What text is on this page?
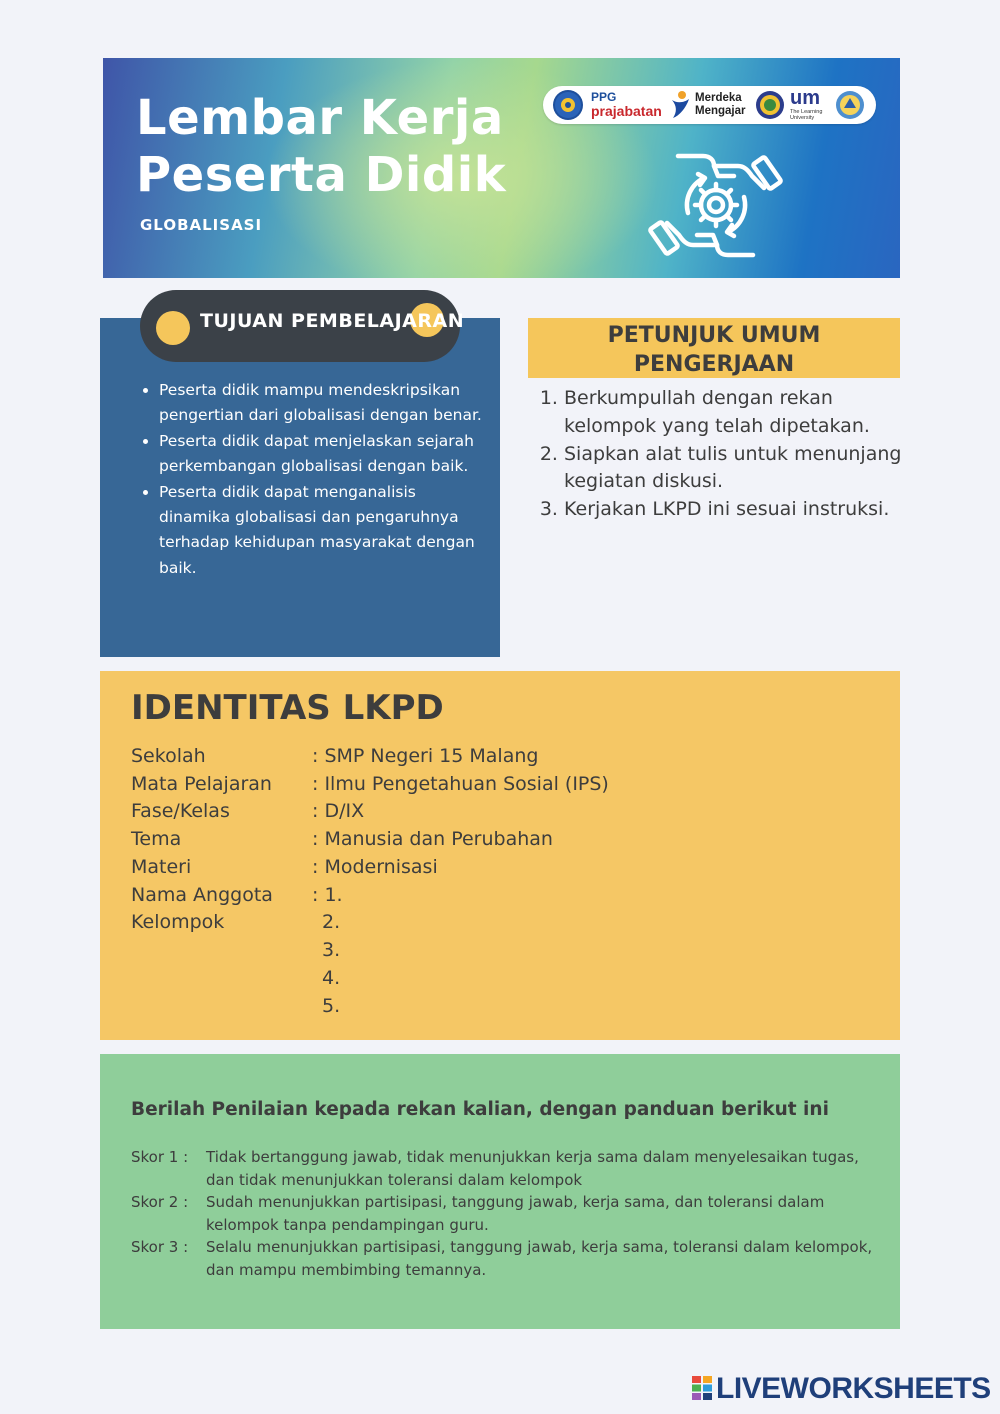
Lembar Kerja
Peserta Didik
GLOBALISASI
PPG
prajabatan
Merdeka
Mengajar
um
The Learning University
TUJUAN PEMBELAJARAN
• Peserta didik mampu mendeskripsikan pengertian dari globalisasi dengan benar.
• Peserta didik dapat menjelaskan sejarah perkembangan globalisasi dengan baik.
• Peserta didik dapat menganalisis dinamika globalisasi dan pengaruhnya terhadap kehidupan masyarakat dengan baik.
PETUNJUK UMUM PENGERJAAN
1. Berkumpullah dengan rekan kelompok yang telah dipetakan.
2. Siapkan alat tulis untuk menunjang kegiatan diskusi.
3. Kerjakan LKPD ini sesuai instruksi.
IDENTITAS LKPD
Sekolah	: SMP Negeri 15 Malang
Mata Pelajaran : Ilmu Pengetahuan Sosial (IPS)
Fase/Kelas	: D/IX
Tema	: Manusia dan Perubahan
Materi	: Modernisasi
Nama Anggota : 1.
Kelompok	2.
3.
4.
5.
Berilah Penilaian kepada rekan kalian, dengan panduan berikut ini
Skor 1 : Tidak bertanggung jawab, tidak menunjukkan kerja sama dalam menyelesaikan tugas, dan tidak menunjukkan toleransi dalam kelompok
Skor 2 : Sudah menunjukkan partisipasi, tanggung jawab, kerja sama, dan toleransi dalam kelompok tanpa pendampingan guru.
Skor 3 : Selalu menunjukkan partisipasi, tanggung jawab, kerja sama, toleransi dalam kelompok, dan mampu membimbing temannya.
LIVEWORKSHEETS
